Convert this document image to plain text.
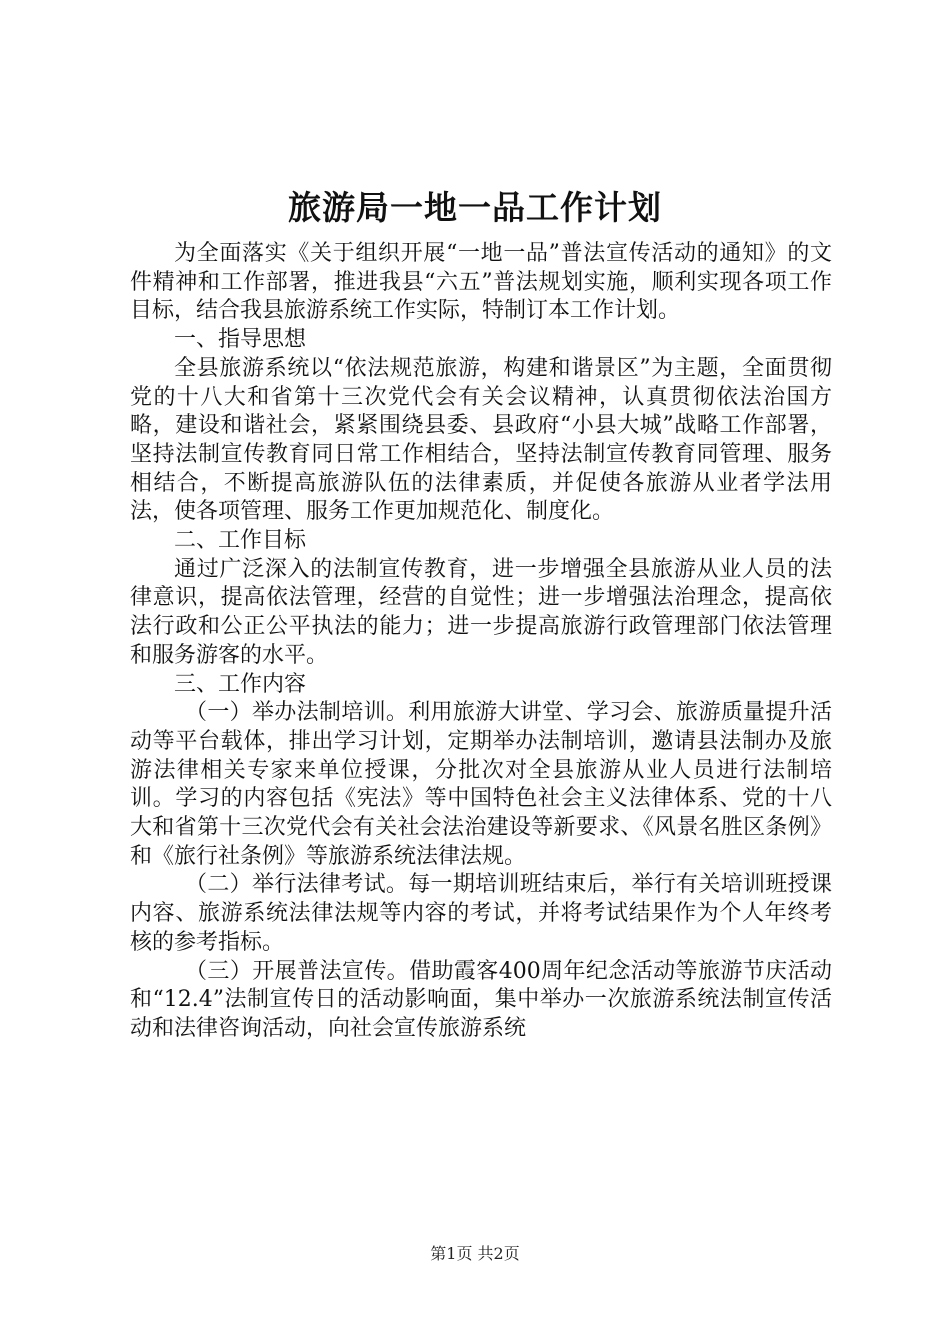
旅游局一地一品工作计划

为全面落实《关于组织开展“一地一品”普法宣传活动的通知》的文件精神和工作部署，推进我县“六五”普法规划实施，顺利实现各项工作目标，结合我县旅游系统工作实际，特制订本工作计划。

一、指导思想

全县旅游系统以“依法规范旅游，构建和谐景区”为主题，全面贯彻党的十八大和省第十三次党代会有关会议精神，认真贯彻依法治国方略，建设和谐社会，紧紧围绕县委、县政府“小县大城”战略工作部署，坚持法制宣传教育同日常工作相结合，坚持法制宣传教育同管理、服务相结合，不断提高旅游队伍的法律素质，并促使各旅游从业者学法用法，使各项管理、服务工作更加规范化、制度化。

二、工作目标

通过广泛深入的法制宣传教育，进一步增强全县旅游从业人员的法律意识，提高依法管理，经营的自觉性；进一步增强法治理念，提高依法行政和公正公平执法的能力；进一步提高旅游行政管理部门依法管理和服务游客的水平。

三、工作内容

（一）举办法制培训。利用旅游大讲堂、学习会、旅游质量提升活动等平台载体，排出学习计划，定期举办法制培训，邀请县法制办及旅游法律相关专家来单位授课，分批次对全县旅游从业人员进行法制培训。学习的内容包括《宪法》等中国特色社会主义法律体系、党的十八大和省第十三次党代会有关社会法治建设等新要求、《风景名胜区条例》和《旅行社条例》等旅游系统法律法规。

（二）举行法律考试。每一期培训班结束后，举行有关培训班授课内容、旅游系统法律法规等内容的考试，并将考试结果作为个人年终考核的参考指标。

（三）开展普法宣传。借助霞客400周年纪念活动等旅游节庆活动和“12.4”法制宣传日的活动影响面，集中举办一次旅游系统法制宣传活动和法律咨询活动，向社会宣传旅游系统

第1页 共2页
